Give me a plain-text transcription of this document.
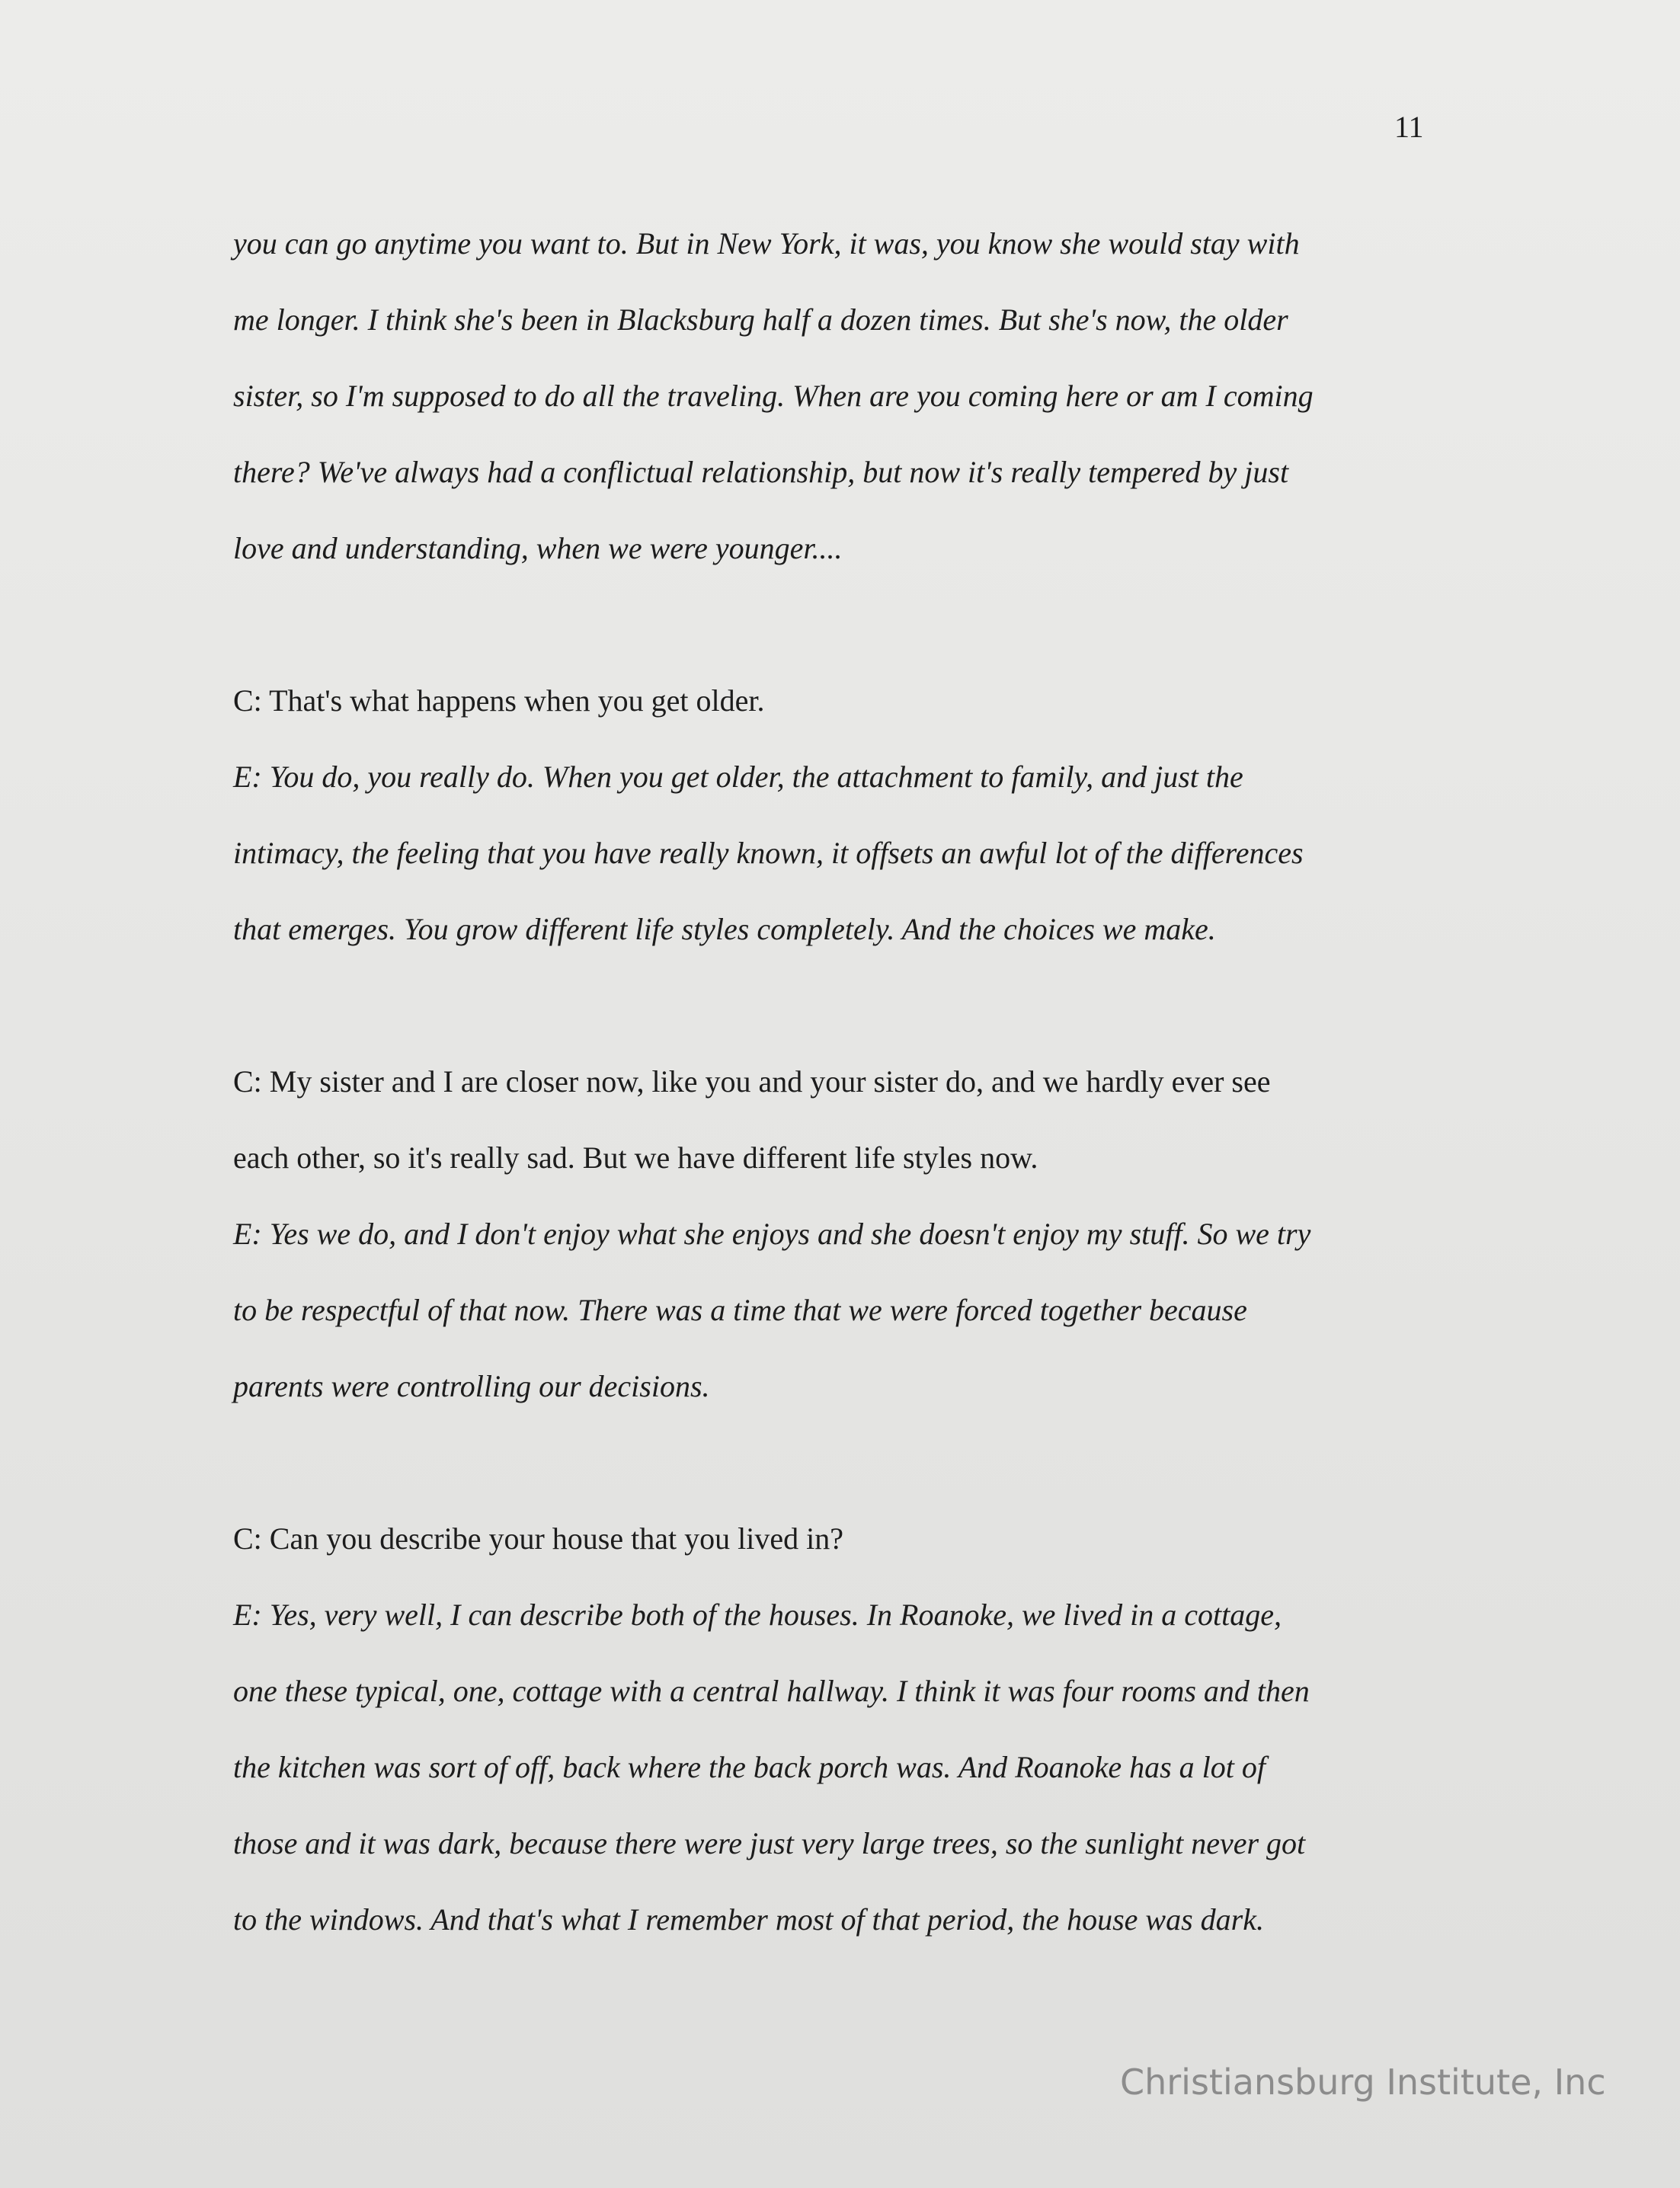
11
you can go anytime you want to. But in New York, it was, you know she would stay with
me longer. I think she's been in Blacksburg half a dozen times. But she's now, the older
sister, so I'm supposed to do all the traveling. When are you coming here or am I coming
there? We've always had a conflictual relationship, but now it's really tempered by just
love and understanding, when we were younger....
C: That's what happens when you get older.
E: You do, you really do. When you get older, the attachment to family, and just the
intimacy, the feeling that you have really known, it offsets an awful lot of the differences
that emerges. You grow different life styles completely. And the choices we make.
C: My sister and I are closer now, like you and your sister do, and we hardly ever see
each other, so it's really sad. But we have different life styles now.
E: Yes we do, and I don't enjoy what she enjoys and she doesn't enjoy my stuff. So we try
to be respectful of that now. There was a time that we were forced together because
parents were controlling our decisions.
C: Can you describe your house that you lived in?
E: Yes, very well, I can describe both of the houses. In Roanoke, we lived in a cottage,
one these typical, one, cottage with a central hallway. I think it was four rooms and then
the kitchen was sort of off, back where the back porch was. And Roanoke has a lot of
those and it was dark, because there were just very large trees, so the sunlight never got
to the windows. And that's what I remember most of that period, the house was dark.
Christiansburg Institute, Inc
